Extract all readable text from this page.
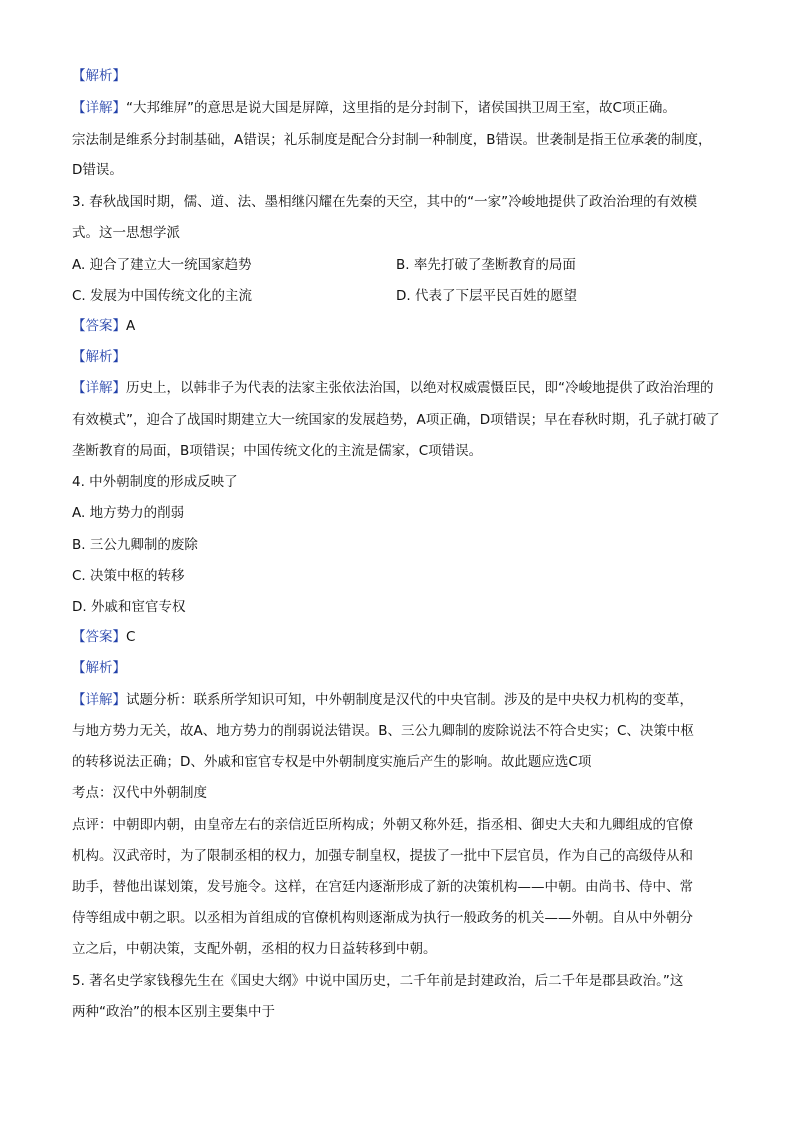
【解析】
【详解】“大邦维屏”的意思是说大国是屏障，这里指的是分封制下，诸侯国拱卫周王室，故C项正确。
宗法制是维系分封制基础，A错误；礼乐制度是配合分封制一种制度，B错误。世袭制是指王位承袭的制度，
D错误。
3. 春秋战国时期，儒、道、法、墨相继闪耀在先秦的天空，其中的“一家”冷峻地提供了政治治理的有效模
式。这一思想学派
A. 迎合了建立大一统国家趋势	B. 率先打破了垄断教育的局面
C. 发展为中国传统文化的主流	D. 代表了下层平民百姓的愿望
【答案】A
【解析】
【详解】历史上，以韩非子为代表的法家主张依法治国，以绝对权威震慑臣民，即“冷峻地提供了政治治理的
有效模式”，迎合了战国时期建立大一统国家的发展趋势，A项正确，D项错误；早在春秋时期，孔子就打破了
垄断教育的局面，B项错误；中国传统文化的主流是儒家，C项错误。
4. 中外朝制度的形成反映了
A. 地方势力的削弱
B. 三公九卿制的废除
C. 决策中枢的转移
D. 外戚和宦官专权
【答案】C
【解析】
【详解】试题分析：联系所学知识可知，中外朝制度是汉代的中央官制。涉及的是中央权力机构的变革，
与地方势力无关，故A、地方势力的削弱说法错误。B、三公九卿制的废除说法不符合史实；C、决策中枢
的转移说法正确；D、外戚和宦官专权是中外朝制度实施后产生的影响。故此题应选C项
考点：汉代中外朝制度
点评：中朝即内朝，由皇帝左右的亲信近臣所构成；外朝又称外廷，指丞相、御史大夫和九卿组成的官僚
机构。汉武帝时，为了限制丞相的权力，加强专制皇权，提拔了一批中下层官员，作为自己的高级侍从和
助手，替他出谋划策，发号施令。这样，在宫廷内逐渐形成了新的决策机构——中朝。由尚书、侍中、常
侍等组成中朝之职。以丞相为首组成的官僚机构则逐渐成为执行一般政务的机关——外朝。自从中外朝分
立之后，中朝决策，支配外朝，丞相的权力日益转移到中朝。
5. 著名史学家钱穆先生在《国史大纲》中说中国历史，二千年前是封建政治，后二千年是郡县政治。”这
两种“政治”的根本区别主要集中于
